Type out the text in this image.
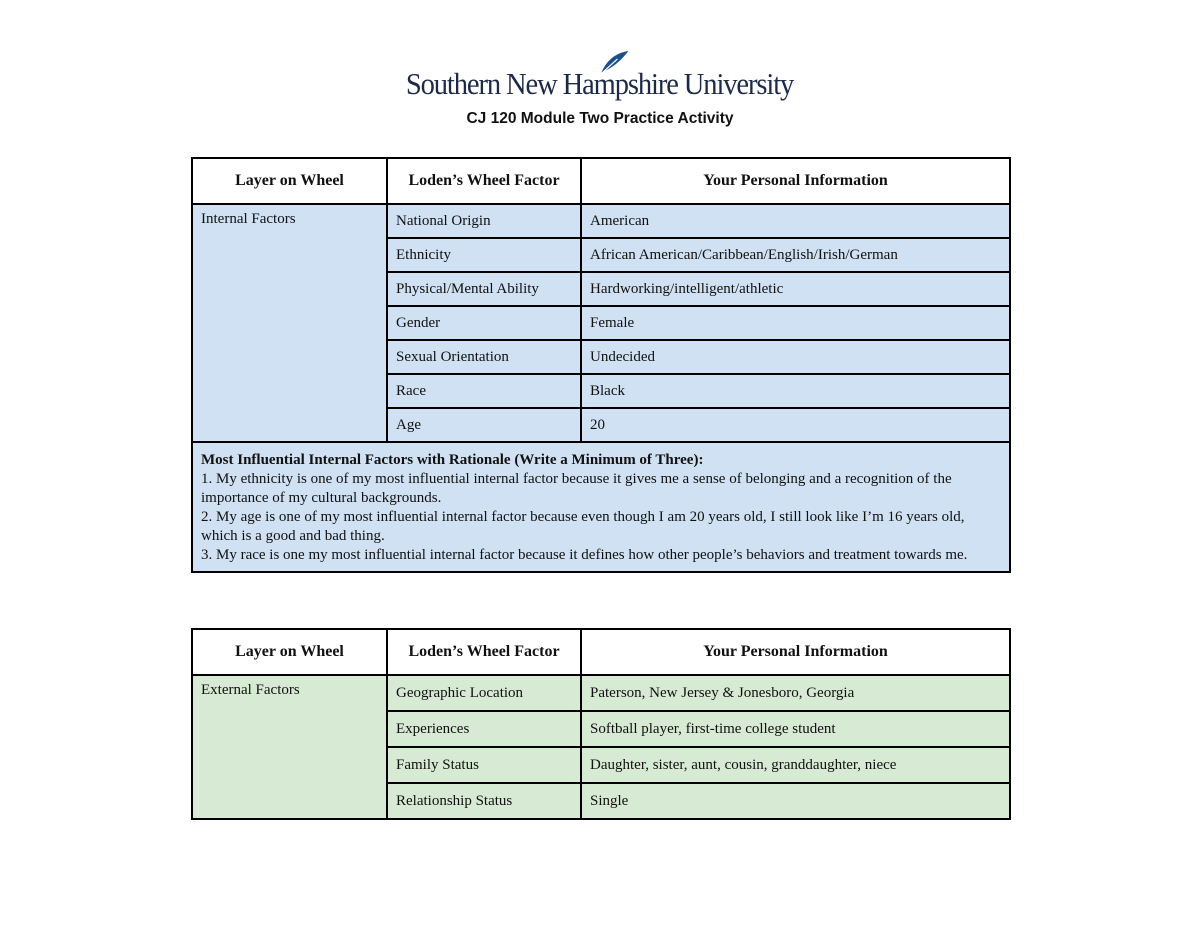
Southern New Hampshire University
CJ 120 Module Two Practice Activity
Layer on Wheel	Loden’s Wheel Factor	Your Personal Information
Internal Factors	National Origin	American
	Ethnicity	African American/Caribbean/English/Irish/German
	Physical/Mental Ability	Hardworking/intelligent/athletic
	Gender	Female
	Sexual Orientation	Undecided
	Race	Black
	Age	20

Most Influential Internal Factors with Rationale (Write a Minimum of Three):
1. My ethnicity is one of my most influential internal factor because it gives me a sense of belonging and a recognition of the importance of my cultural backgrounds.
2. My age is one of my most influential internal factor because even though I am 20 years old, I still look like I’m 16 years old, which is a good and bad thing.
3. My race is one my most influential internal factor because it defines how other people’s behaviors and treatment towards me.		
Layer on Wheel	Loden’s Wheel Factor	Your Personal Information
External Factors	Geographic Location	Paterson, New Jersey & Jonesboro, Georgia
	Experiences	Softball player, first-time college student
	Family Status	Daughter, sister, aunt, cousin, granddaughter, niece
	Relationship Status	Single
